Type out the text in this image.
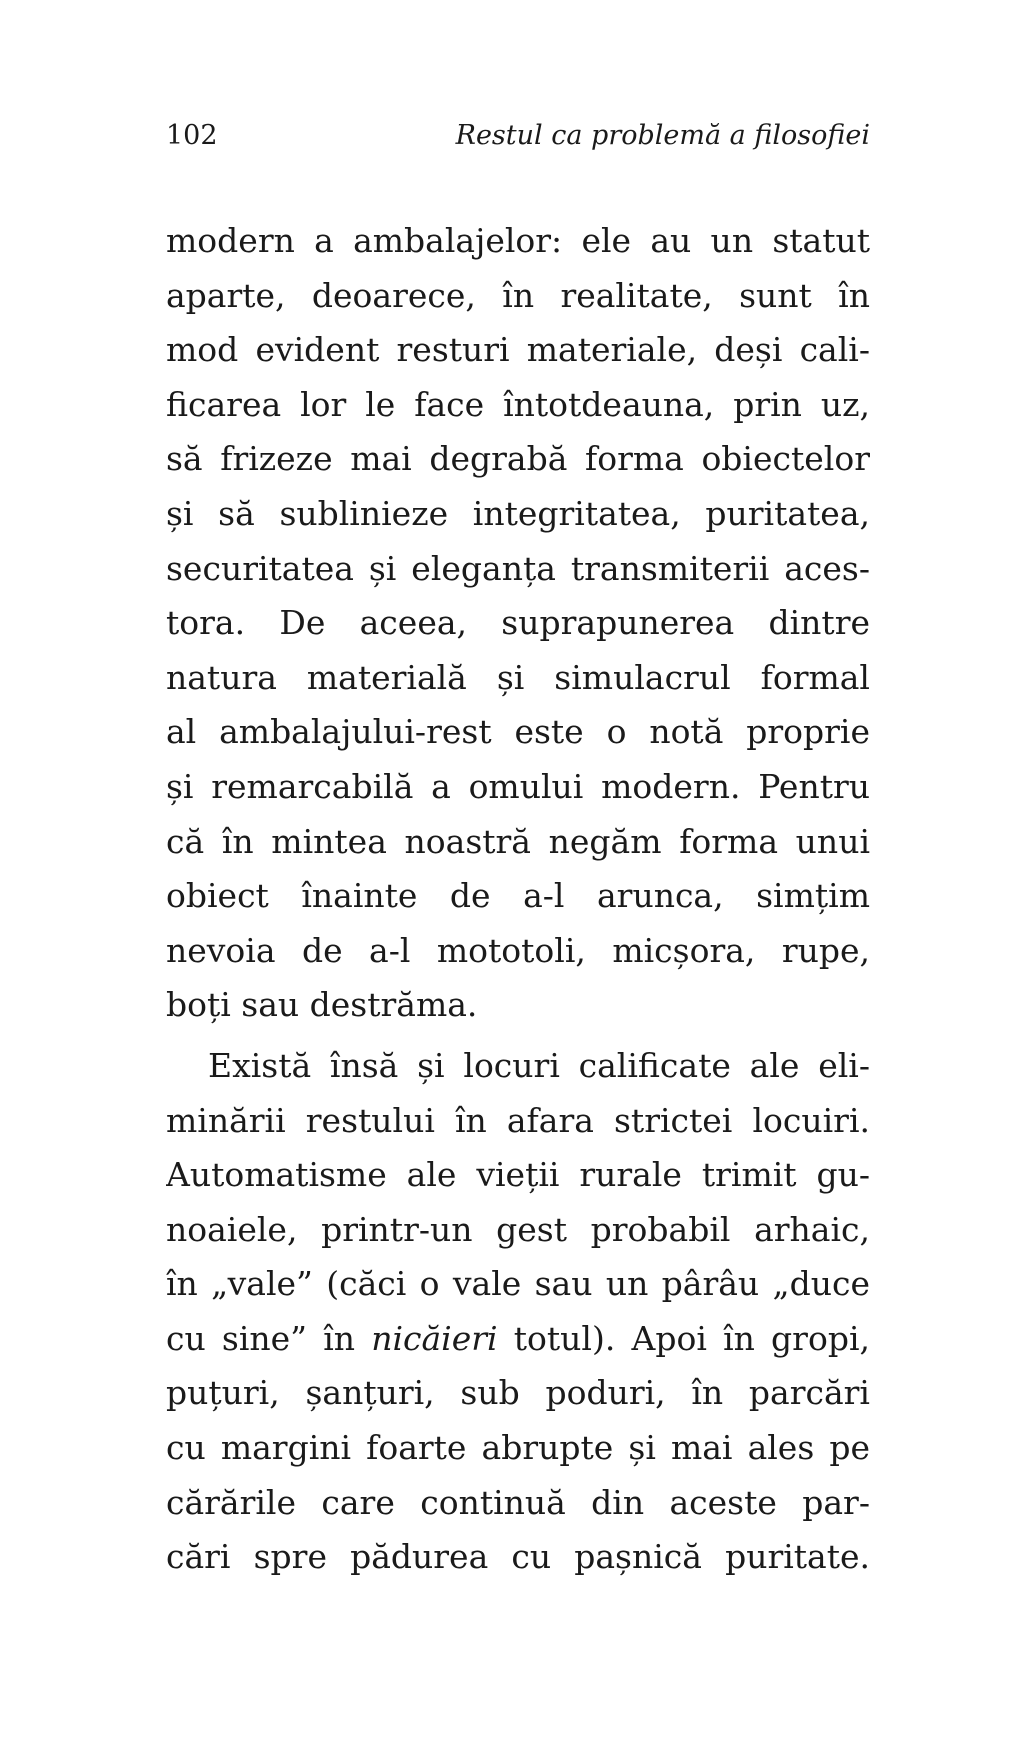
102	Restul ca problemă a filosofiei
modern a ambalajelor: ele au un statut
aparte, deoarece, în realitate, sunt în
mod evident resturi materiale, deși cali-
ficarea lor le face întotdeauna, prin uz,
să frizeze mai degrabă forma obiectelor
și să sublinieze integritatea, puritatea,
securitatea și eleganța transmiterii aces-
tora. De aceea, suprapunerea dintre
natura materială și simulacrul formal
al ambalajului-rest este o notă proprie
și remarcabilă a omului modern. Pentru
că în mintea noastră negăm forma unui
obiect înainte de a-l arunca, simțim
nevoia de a-l mototoli, micșora, rupe,
boți sau destrăma.
Există însă și locuri calificate ale eli-
minării restului în afara strictei locuiri.
Automatisme ale vieții rurale trimit gu-
noaiele, printr-un gest probabil arhaic,
în „vale” (căci o vale sau un pârâu „duce
cu sine” în nicăieri totul). Apoi în gropi,
puțuri, șanțuri, sub poduri, în parcări
cu margini foarte abrupte și mai ales pe
cărările care continuă din aceste par-
cări spre pădurea cu pașnică puritate.
